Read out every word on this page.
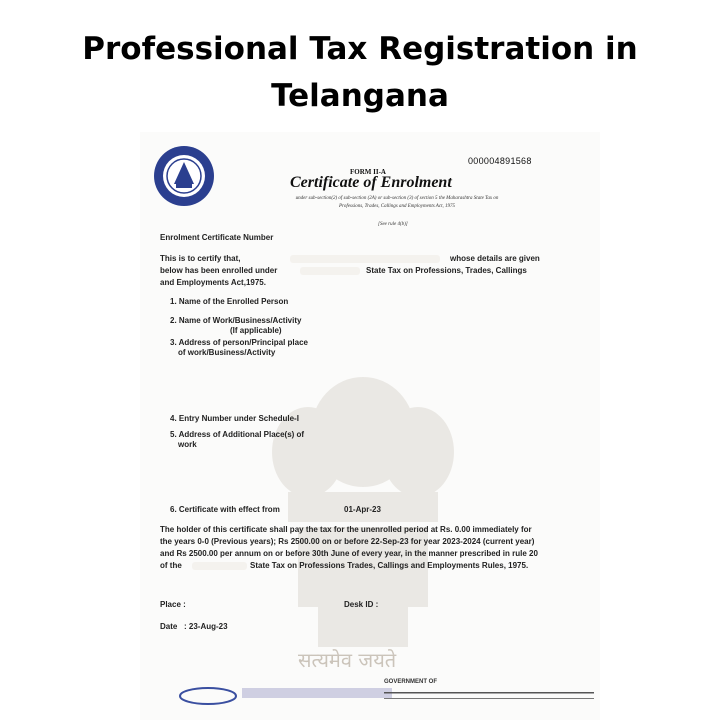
Professional Tax Registration in
Telangana
000004891568
FORM II-A
Certificate of Enrolment
under sub-section(2) of sub-section (2A) or sub-section (3) of section 5 the Maharashtra State Tax on
Professions, Trades, Callings and Employments Act, 1975
[See rule 4(b)]
Enrolment Certificate Number
This is to certify that,	whose details are given
below has been enrolled under	State Tax on Professions, Trades, Callings
and Employments Act,1975.
1. Name of the Enrolled Person
2. Name of Work/Business/Activity
(If applicable)
3. Address of person/Principal place
of work/Business/Activity
4. Entry Number under Schedule-I
5. Address of Additional Place(s) of
work
6. Certificate with effect from	01-Apr-23
The holder of this certificate shall pay the tax for the unenrolled period at Rs. 0.00 immediately for
the years 0-0 (Previous years); Rs 2500.00 on or before 22-Sep-23 for year 2023-2024 (current year)
and Rs 2500.00 per annum on or before 30th June of every year, in the manner prescribed in rule 20
of the	State Tax on Professions Trades, Callings and Employments Rules, 1975.
Place :	Desk ID :
Date : 23-Aug-23
सत्यमेव जयते
GOVERNMENT OF
